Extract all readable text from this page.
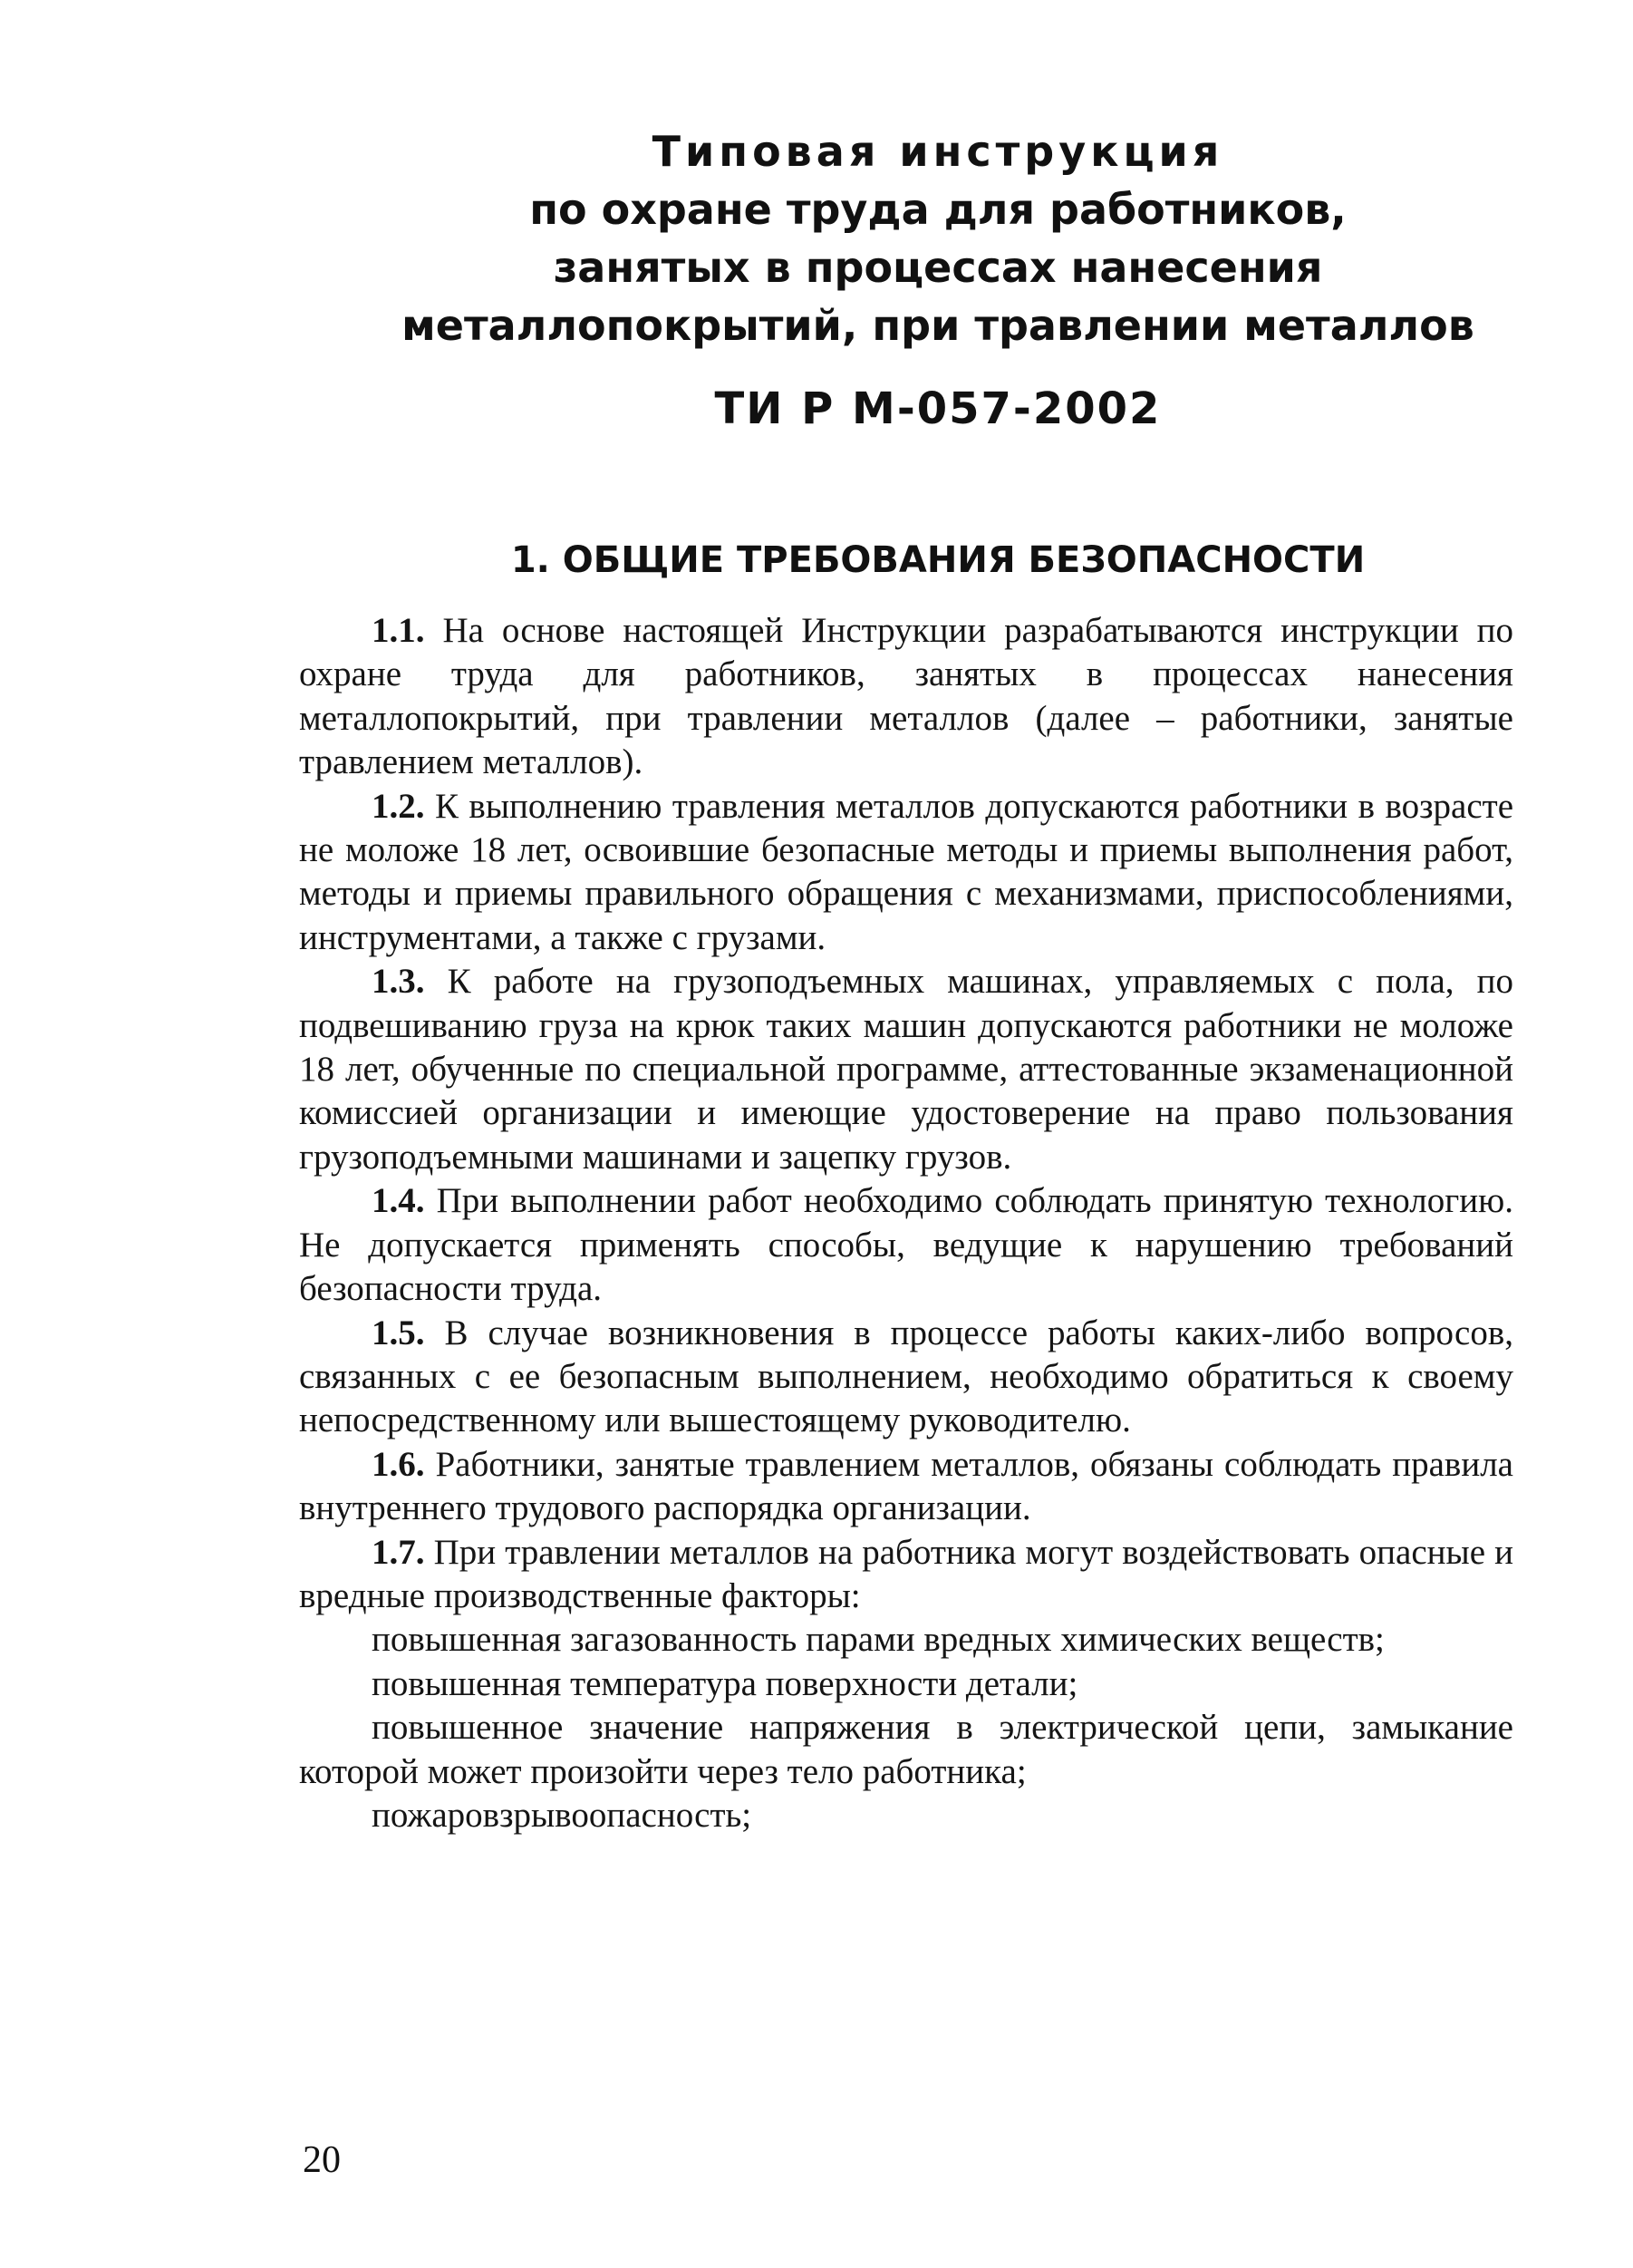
Типовая инструкция
по охране труда для работников,
занятых в процессах нанесения
металлопокрытий, при травлении металлов
ТИ Р М-057-2002
1. ОБЩИЕ ТРЕБОВАНИЯ БЕЗОПАСНОСТИ

1.1. На основе настоящей Инструкции разрабатываются инструкции по охране труда для работников, занятых в процессах нанесения металлопокрытий, при травлении металлов (далее – работники, занятые травлением металлов).

1.2. К выполнению травления металлов допускаются работники в возрасте не моложе 18 лет, освоившие безопасные методы и приемы выполнения работ, методы и приемы правильного обращения с механизмами, приспособлениями, инструментами, а также с грузами.

1.3. К работе на грузоподъемных машинах, управляемых с пола, по подвешиванию груза на крюк таких машин допускаются работники не моложе 18 лет, обученные по специальной программе, аттестованные экзаменационной комиссией организации и имеющие удостоверение на право пользования грузоподъемными машинами и зацепку грузов.

1.4. При выполнении работ необходимо соблюдать принятую технологию. Не допускается применять способы, ведущие к нарушению требований безопасности труда.

1.5. В случае возникновения в процессе работы каких-либо вопросов, связанных с ее безопасным выполнением, необходимо обратиться к своему непосредственному или вышестоящему руководителю.

1.6. Работники, занятые травлением металлов, обязаны соблюдать правила внутреннего трудового распорядка организации.

1.7. При травлении металлов на работника могут воздействовать опасные и вредные производственные факторы:

повышенная загазованность парами вредных химических веществ;

повышенная температура поверхности детали;

повышенное значение напряжения в электрической цепи, замыкание которой может произойти через тело работника;

пожаровзрывоопасность;

20
